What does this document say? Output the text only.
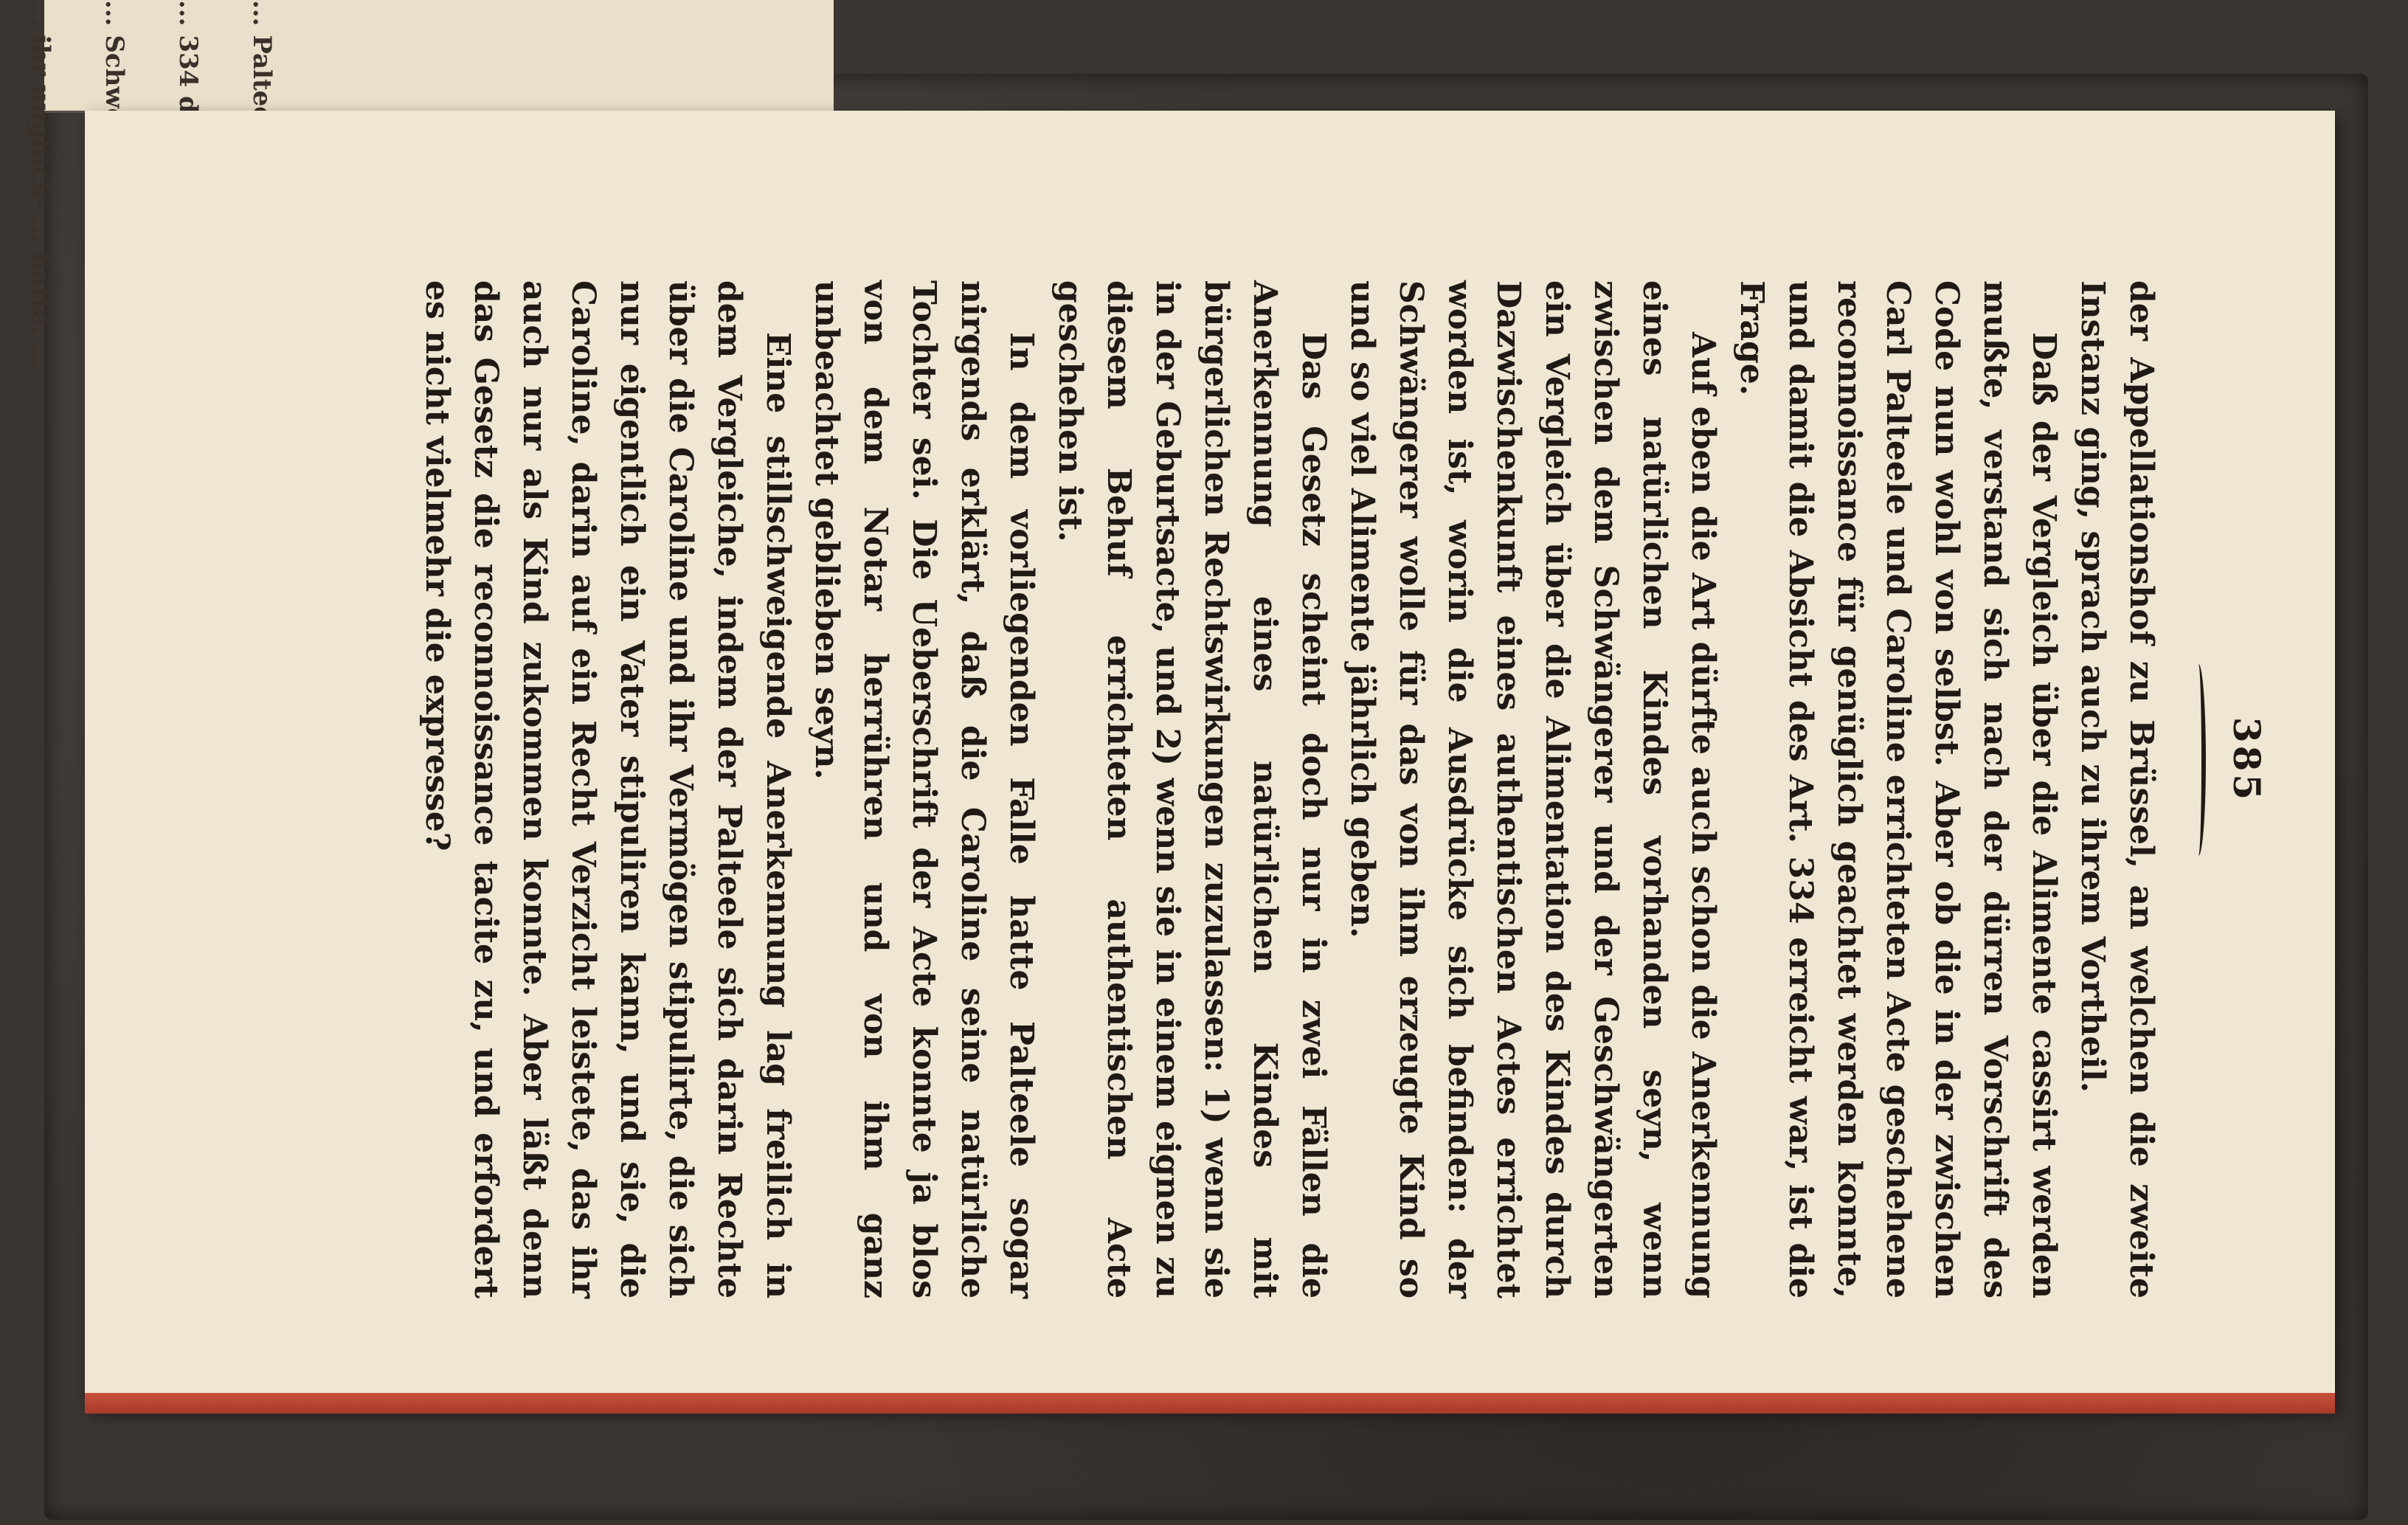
... ihr unglück- ... hatte, ...
385

der Appellationshof zu Brüssel, an welchen die zweite Instanz ging, sprach auch zu ihrem Vortheil.

Daß der Vergleich über die Alimente cassirt werden mußte, verstand sich nach der dürren Vorschrift des Code nun wohl von selbst. Aber ob die in der zwischen Carl Palteele und Caroline errichteten Acte geschehene reconnoissance für genüglich geachtet werden konnte, und damit die Absicht des Art. 334 erreicht war, ist die Frage.

Auf eben die Art dürfte auch schon die Anerkennung eines natürlichen Kindes vorhanden seyn, wenn zwischen dem Schwängerer und der Geschwängerten ein Vergleich über die Alimentation des Kindes durch Dazwischenkunft eines authentischen Actes errichtet worden ist, worin die Ausdrücke sich befinden: der Schwängerer wolle für das von ihm erzeugte Kind so und so viel Alimente jährlich geben.

Das Gesetz scheint doch nur in zwei Fällen die Anerkennung eines natürlichen Kindes mit bürgerlichen Rechtswirkungen zuzulassen: 1) wenn sie in der Geburtsacte, und 2) wenn sie in einem eignen zu diesem Behuf errichteten authentischen Acte geschehen ist.

In dem vorliegenden Falle hatte Palteele sogar nirgends erklärt, daß die Caroline seine natürliche Tochter sei. Die Ueberschrift der Acte konnte ja blos von dem Notar herrühren und von ihm ganz unbeachtet geblieben seyn.

Eine stillschweigende Anerkennung lag freilich in dem Vergleiche, indem der Palteele sich darin Rechte über die Caroline und ihr Vermögen stipulirte, die sich nur eigentlich ein Vater stipuliren kann, und sie, die Caroline, darin auf ein Recht Verzicht leistete, das ihr auch nur als Kind zukommen konnte. Aber läßt denn das Gesetz die reconnoissance tacite zu, und erfordert es nicht vielmehr die expresse?
